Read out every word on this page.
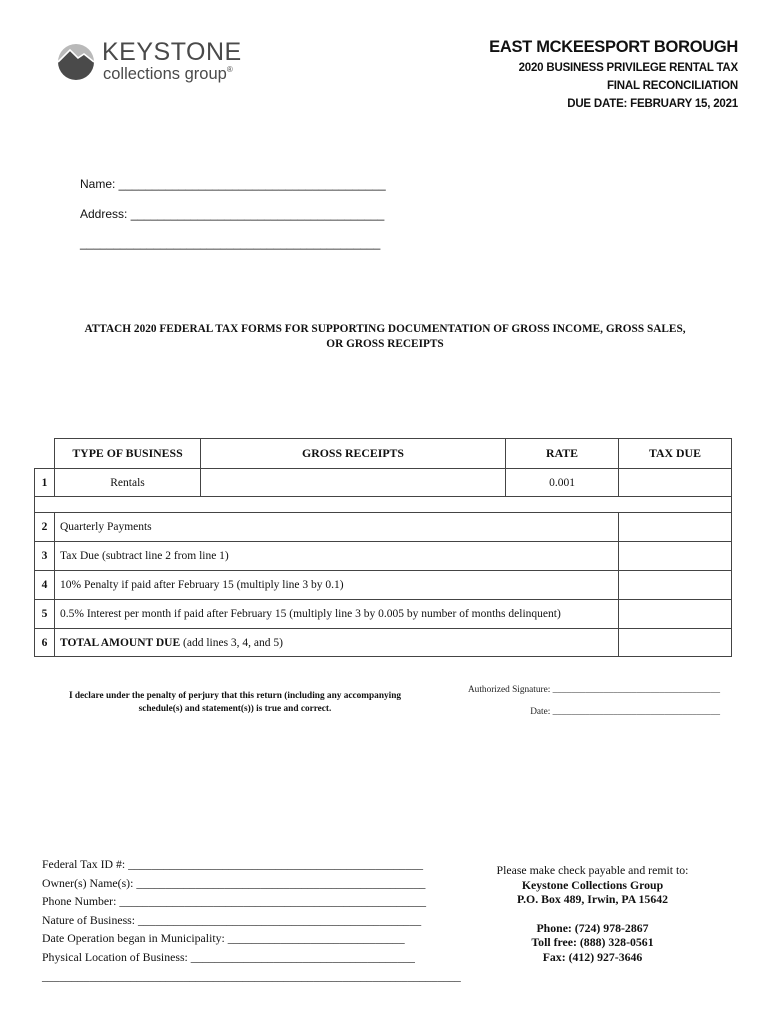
KEYSTONE
collections group®
EAST MCKEESPORT BOROUGH
2020 BUSINESS PRIVILEGE RENTAL TAX
FINAL RECONCILIATION
DUE DATE: FEBRUARY 15, 2021
Name: ________________________________________
Address: ______________________________________
_____________________________________________
ATTACH 2020 FEDERAL TAX FORMS FOR SUPPORTING DOCUMENTATION OF GROSS INCOME, GROSS SALES,
OR GROSS RECEIPTS
	TYPE OF BUSINESS	GROSS RECEIPTS	RATE	TAX DUE
1	Rentals		0.001	

2	Quarterly Payments			
3	Tax Due (subtract line 2 from line 1)			
4	10% Penalty if paid after February 15 (multiply line 3 by 0.1)			
5	0.5% Interest per month if paid after February 15 (multiply line 3 by 0.005 by number of months delinquent)			
6	TOTAL AMOUNT DUE (add lines 3, 4, and 5)			
I declare under the penalty of perjury that this return (including any accompanying
schedule(s) and statement(s)) is true and correct.
Authorized Signature: ____________________________________
Date: ____________________________________
Federal Tax ID #: __________________________________________________
Owner(s) Name(s): _________________________________________________
Phone Number: ____________________________________________________
Nature of Business: ________________________________________________
Date Operation began in Municipality: ______________________________
Physical Location of Business: ______________________________________
_______________________________________________________________________
Please make check payable and remit to:
Keystone Collections Group
P.O. Box 489, Irwin, PA 15642
Phone: (724) 978-2867
Toll free: (888) 328-0561
Fax: (412) 927-3646
